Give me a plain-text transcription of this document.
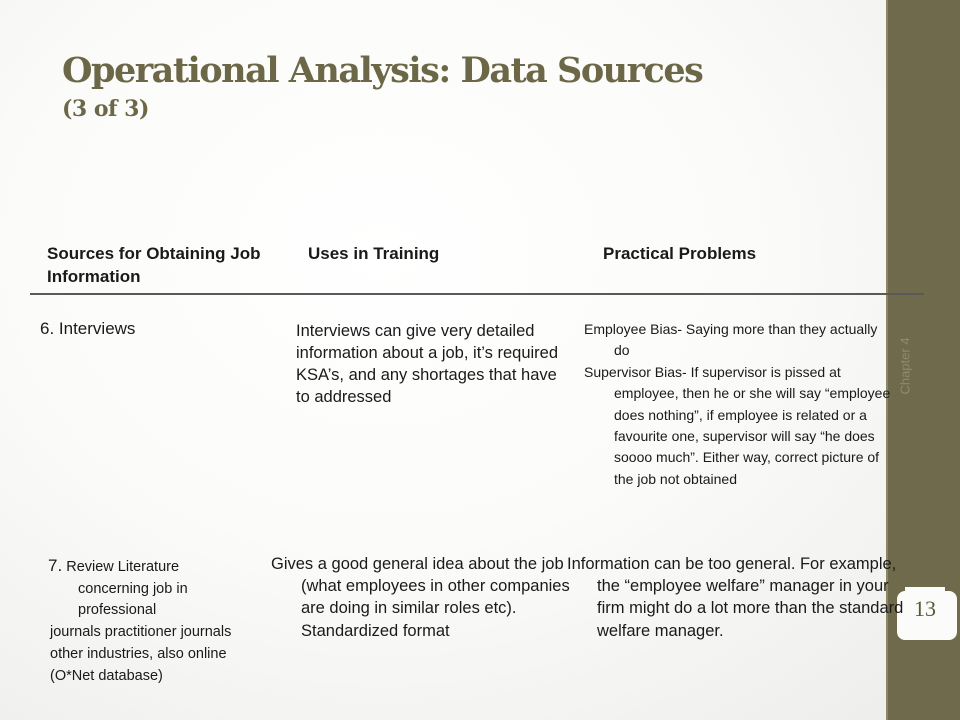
Chapter 4
13
Operational Analysis: Data Sources
(3 of 3)
Sources for Obtaining Job Information
Uses in Training	Practical Problems
6. Interviews	Interviews can give very detailed information about a job, it’s required KSA’s, and any shortages that have to addressed

Employee Bias- Saying more than they actually do

Supervisor Bias- If supervisor is pissed at employee, then he or she will say “employee does nothing”, if employee is related or a favourite one, supervisor will say “he does soooo much”. Either way, correct picture of the job not obtained

7. Review Literature concerning job in professional
journals practitioner journals other industries, also online (O*Net database)
Gives a good general idea about the job (what employees in other companies are doing in similar roles etc). Standardized format
Information can be too general. For example, the “employee welfare” manager in your firm might do a lot more than the standard welfare manager.
